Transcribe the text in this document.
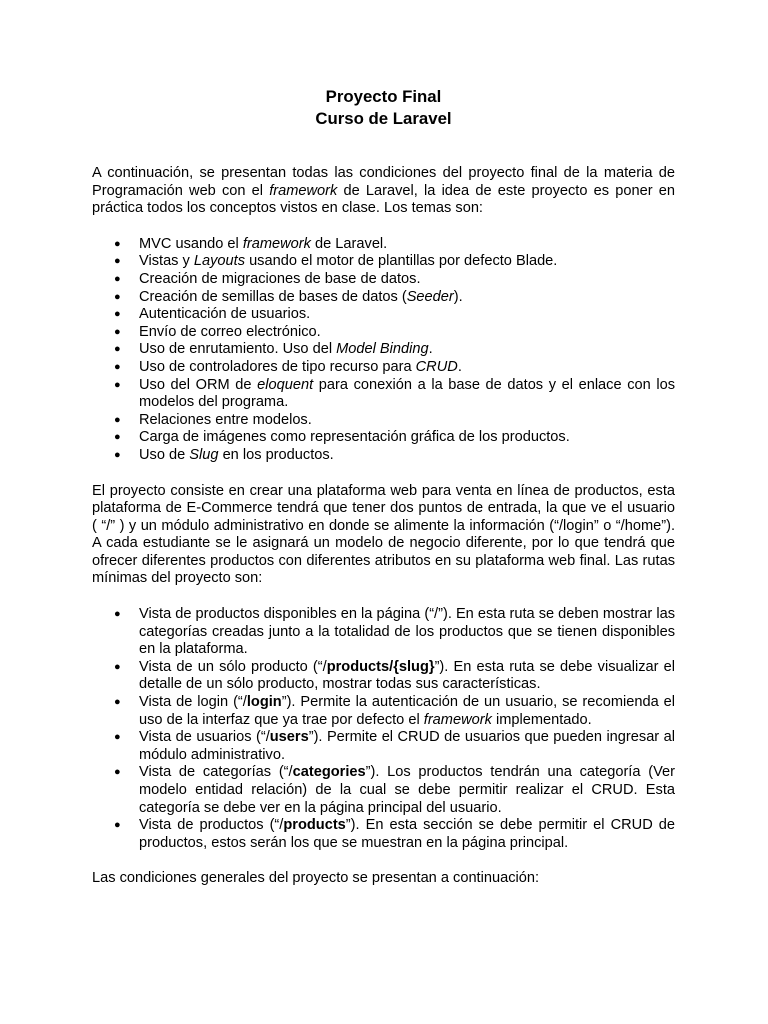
Proyecto Final
Curso de Laravel

A continuación, se presentan todas las condiciones del proyecto final de la materia de Programación web con el framework de Laravel, la idea de este proyecto es poner en práctica todos los conceptos vistos en clase. Los temas son:

● MVC usando el framework de Laravel.
● Vistas y Layouts usando el motor de plantillas por defecto Blade.
● Creación de migraciones de base de datos.
● Creación de semillas de bases de datos (Seeder).
● Autenticación de usuarios.
● Envío de correo electrónico.
● Uso de enrutamiento. Uso del Model Binding.
● Uso de controladores de tipo recurso para CRUD.
● Uso del ORM de eloquent para conexión a la base de datos y el enlace con los modelos del programa.
● Relaciones entre modelos.
● Carga de imágenes como representación gráfica de los productos.
● Uso de Slug en los productos.

El proyecto consiste en crear una plataforma web para venta en línea de productos, esta plataforma de E-Commerce tendrá que tener dos puntos de entrada, la que ve el usuario ( “/” ) y un módulo administrativo en donde se alimente la información (“/login” o “/home”). A cada estudiante se le asignará un modelo de negocio diferente, por lo que tendrá que ofrecer diferentes productos con diferentes atributos en su plataforma web final. Las rutas mínimas del proyecto son:

● Vista de productos disponibles en la página (“/”). En esta ruta se deben mostrar las categorías creadas junto a la totalidad de los productos que se tienen disponibles en la plataforma.
● Vista de un sólo producto (“/products/{slug}”). En esta ruta se debe visualizar el detalle de un sólo producto, mostrar todas sus características.
● Vista de login (“/login”). Permite la autenticación de un usuario, se recomienda el uso de la interfaz que ya trae por defecto el framework implementado.
● Vista de usuarios (“/users”). Permite el CRUD de usuarios que pueden ingresar al módulo administrativo.
● Vista de categorías (“/categories”). Los productos tendrán una categoría (Ver modelo entidad relación) de la cual se debe permitir realizar el CRUD. Esta categoría se debe ver en la página principal del usuario.
● Vista de productos (“/products”). En esta sección se debe permitir el CRUD de productos, estos serán los que se muestran en la página principal.

Las condiciones generales del proyecto se presentan a continuación:
